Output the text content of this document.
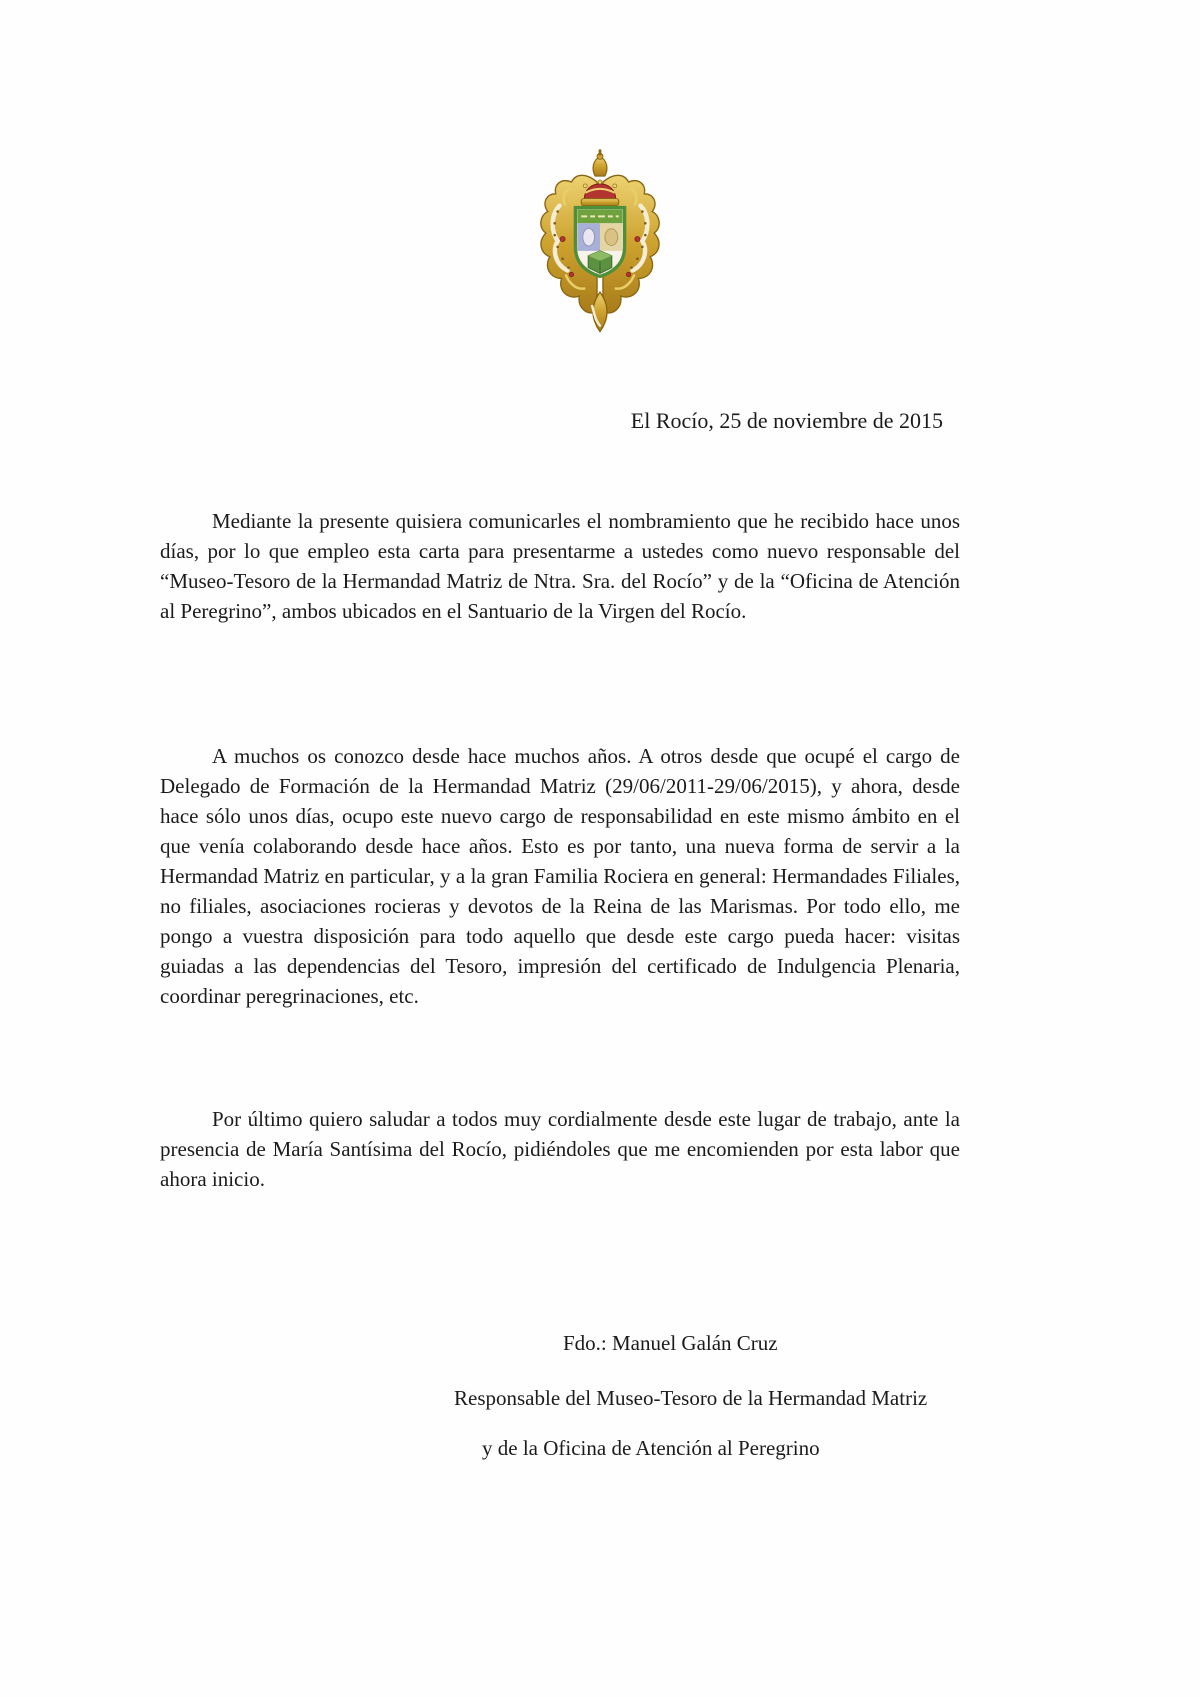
El Rocío, 25 de noviembre de 2015

Mediante la presente quisiera comunicarles el nombramiento que he recibido hace unos días, por lo que empleo esta carta para presentarme a ustedes como nuevo responsable del “Museo-Tesoro de la Hermandad Matriz de Ntra. Sra. del Rocío” y de la “Oficina de Atención al Peregrino”, ambos ubicados en el Santuario de la Virgen del Rocío.

A muchos os conozco desde hace muchos años. A otros desde que ocupé el cargo de Delegado de Formación de la Hermandad Matriz (29/06/2011-29/06/2015), y ahora, desde hace sólo unos días, ocupo este nuevo cargo de responsabilidad en este mismo ámbito en el que venía colaborando desde hace años. Esto es por tanto, una nueva forma de servir a la Hermandad Matriz en particular, y a la gran Familia Rociera en general: Hermandades Filiales, no filiales, asociaciones rocieras y devotos de la Reina de las Marismas. Por todo ello, me pongo a vuestra disposición para todo aquello que desde este cargo pueda hacer: visitas guiadas a las dependencias del Tesoro, impresión del certificado de Indulgencia Plenaria, coordinar peregrinaciones, etc.

Por último quiero saludar a todos muy cordialmente desde este lugar de trabajo, ante la presencia de María Santísima del Rocío, pidiéndoles que me encomienden por esta labor que ahora inicio.

Fdo.: Manuel Galán Cruz

Responsable del Museo-Tesoro de la Hermandad Matriz

y de la Oficina de Atención al Peregrino
